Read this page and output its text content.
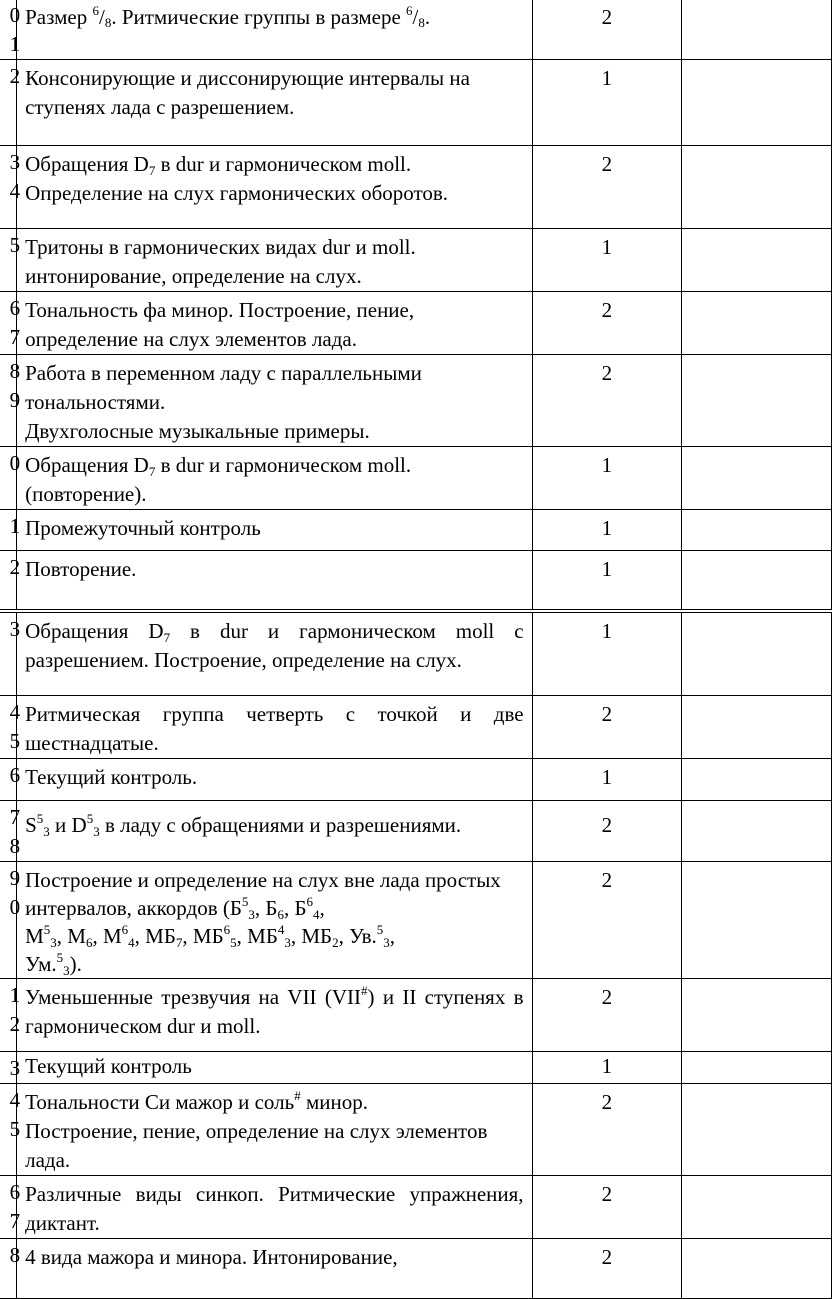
0
1	Размер $^6$/8. Ритмические группы в размере $^6$/8.	2	

2	Консонирующие и диссонирующие интервалы на ступенях лада с разрешением.	1	

3
4	Обращения $D_7$ в dur и гармоническом moll.
Определение на слух гармонических оборотов.	2	

5	Тритоны в гармонических видах dur и moll. интонирование, определение на слух.	1	

6
7	Тональность фа минор. Построение, пение, определение на слух элементов лада.	2	

8
9	Работа в переменном ладу с параллельными тональностями.
Двухголосные музыкальные примеры.	2	

0	Обращения $D_7$ в dur и гармоническом moll.
(повторение).	1	

1	Промежуточный контроль	1	

2	Повторение.	1	
3	Обращения $D_7$ в dur и гармоническом moll с разрешением. Построение, определение на слух.	1	

4
5	Ритмическая группа четверть с точкой и две шестнадцатые.	2	

6	Текущий контроль.	1	

7
8	$S^5_3$ и $D^5_3$ в ладу с обращениями и разрешениями.	2	

9
0	Построение и определение на слух вне лада простых интервалов, аккордов ($Б^5_3$, $Б_6$, $Б^6_4$,
$М^5_3$, $М_6$, $М^6_4$, $МБ_7$, $МБ^6_5$, $МБ^4_3$, $МБ_2$, Ув.$^5_3$,
Ум.$^5_3$).	2	

1
2	Уменьшенные трезвучия на VII (VII#) и II ступенях в гармоническом dur и moll.	2	

3	Текущий контроль	1	

4
5	Тональности Си мажор и соль# минор.
Построение, пение, определение на слух элементов лада.	2	

6
7	Различные виды синкоп. Ритмические упражнения, диктант.	2	

8	4 вида мажора и минора. Интонирование,	2	
